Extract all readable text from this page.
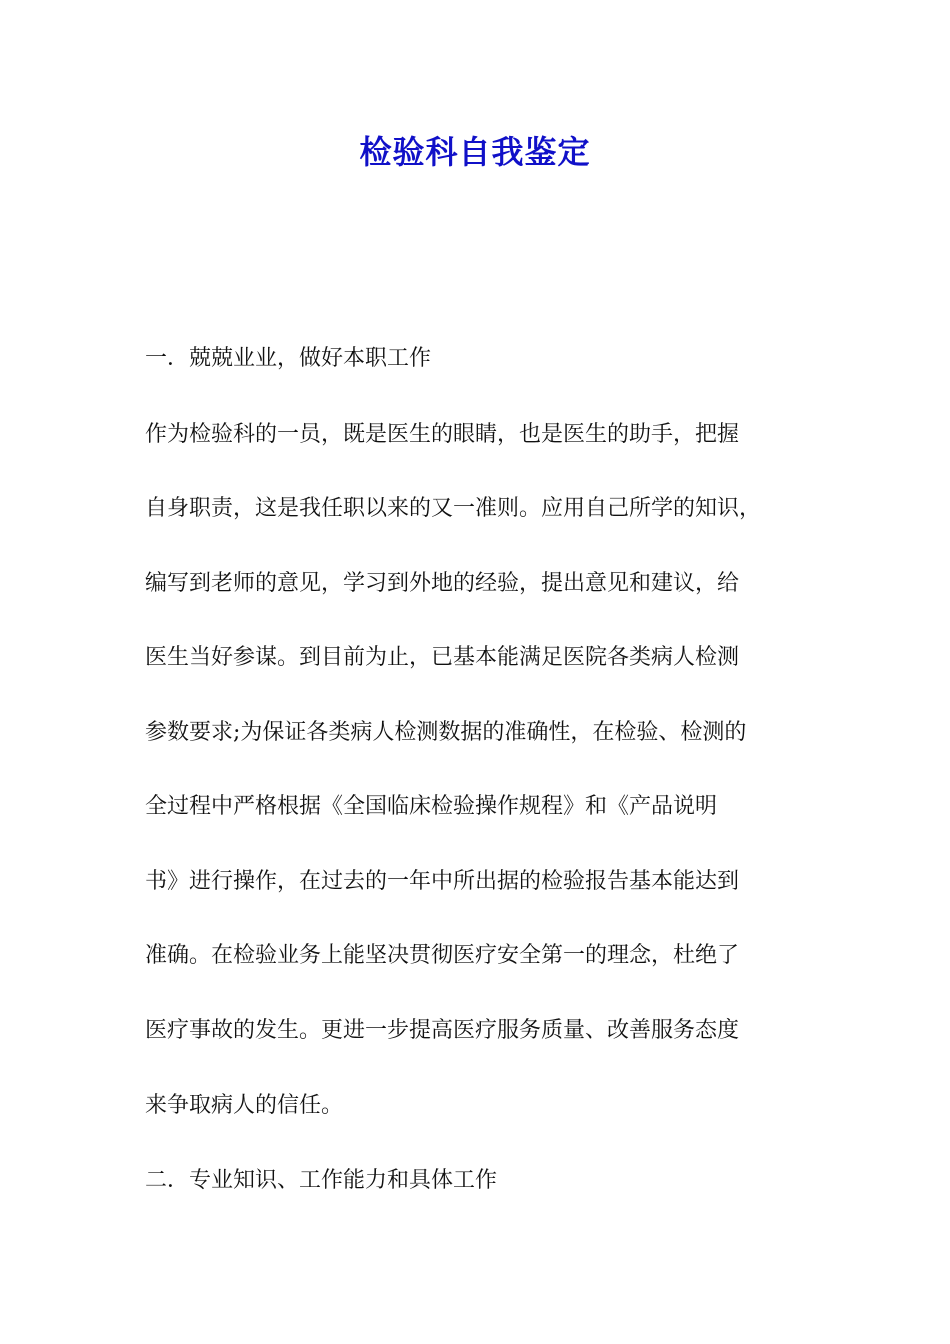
检验科自我鉴定
一．兢兢业业，做好本职工作
作为检验科的一员，既是医生的眼睛，也是医生的助手，把握
自身职责，这是我任职以来的又一准则。应用自己所学的知识，
编写到老师的意见，学习到外地的经验，提出意见和建议，给
医生当好参谋。到目前为止，已基本能满足医院各类病人检测
参数要求;为保证各类病人检测数据的准确性，在检验、检测的
全过程中严格根据《全国临床检验操作规程》和《产品说明
书》进行操作，在过去的一年中所出据的检验报告基本能达到
准确。在检验业务上能坚决贯彻医疗安全第一的理念，杜绝了
医疗事故的发生。更进一步提高医疗服务质量、改善服务态度
来争取病人的信任。
二．专业知识、工作能力和具体工作
